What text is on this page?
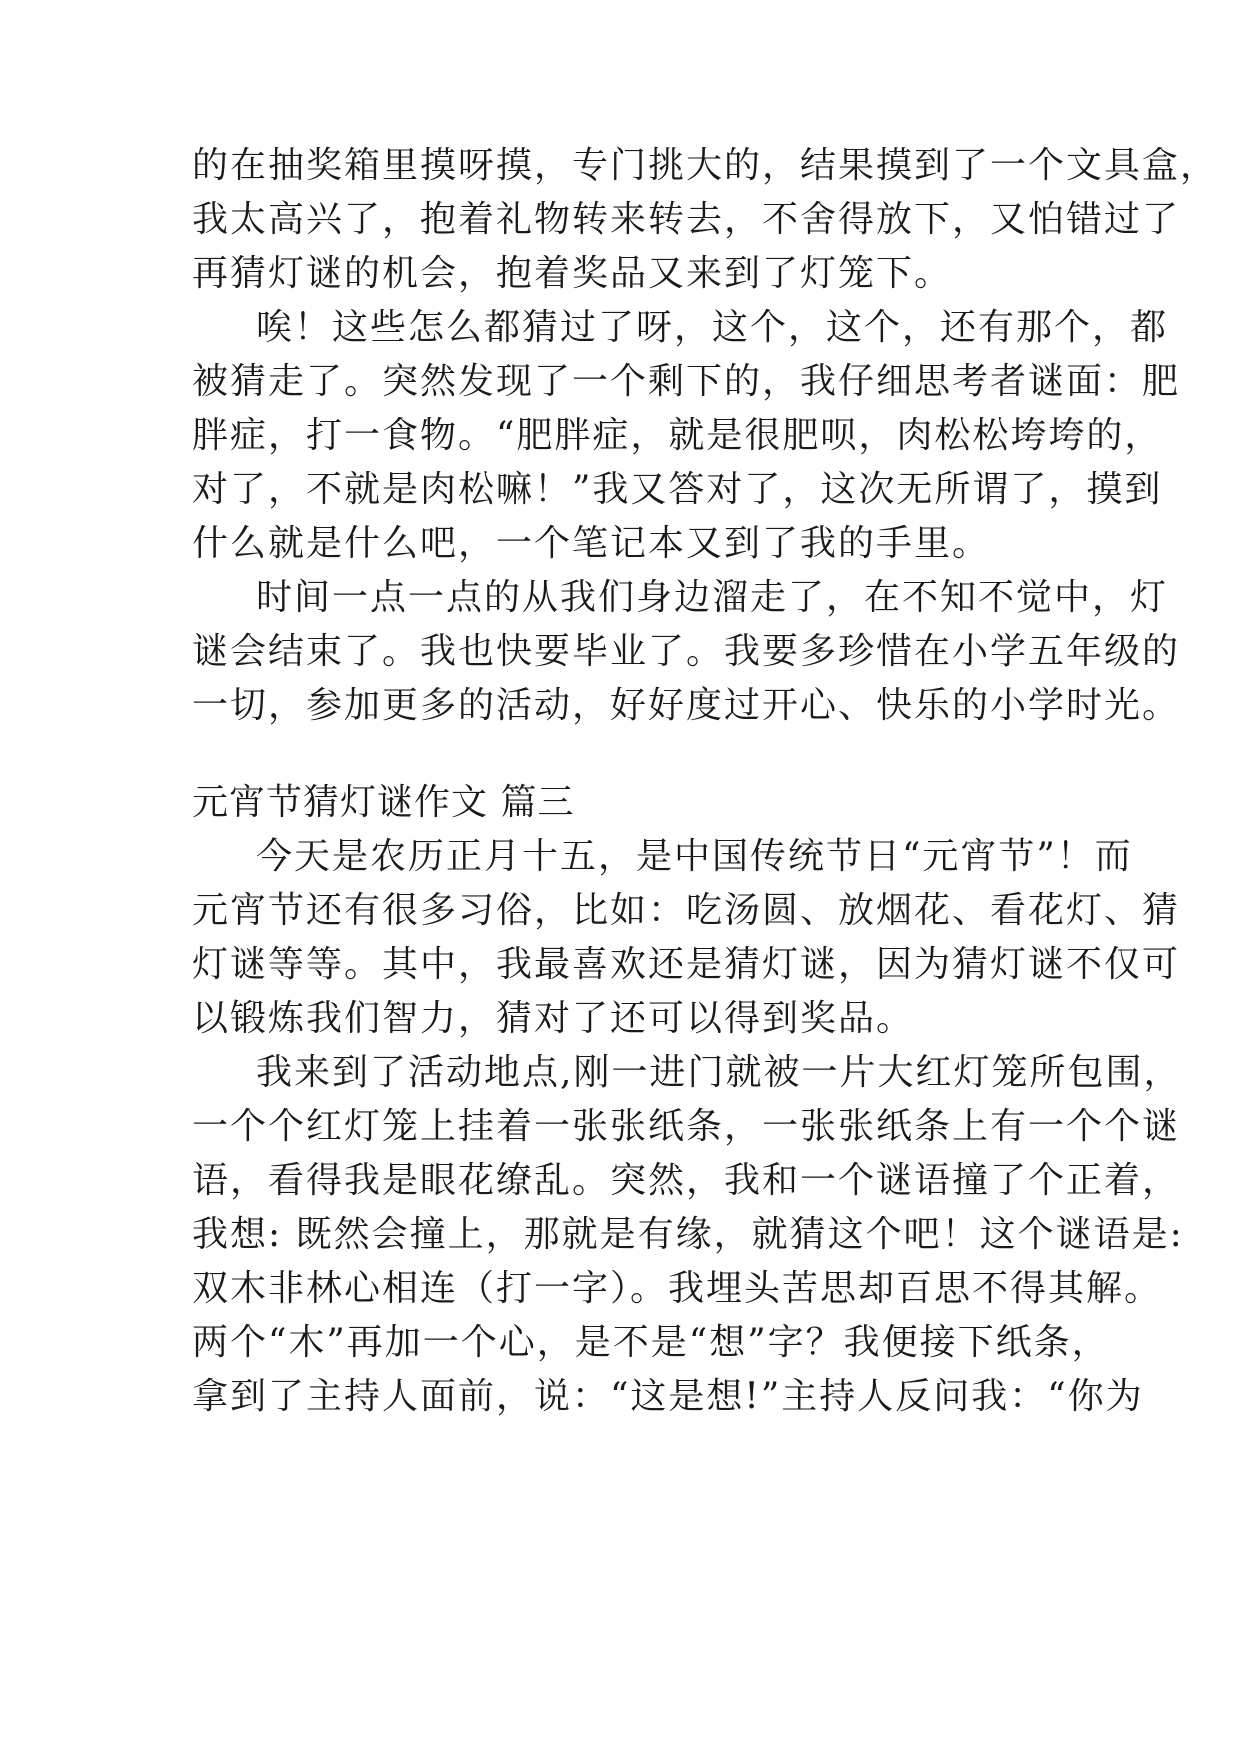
的在抽奖箱里摸呀摸，专门挑大的，结果摸到了一个文具盒，
我太高兴了，抱着礼物转来转去，不舍得放下，又怕错过了
再猜灯谜的机会，抱着奖品又来到了灯笼下。
唉！这些怎么都猜过了呀，这个，这个，还有那个，都
被猜走了。突然发现了一个剩下的，我仔细思考者谜面：肥
胖症，打一食物。“肥胖症，就是很肥呗，肉松松垮垮的，
对了，不就是肉松嘛！”我又答对了，这次无所谓了，摸到
什么就是什么吧，一个笔记本又到了我的手里。
时间一点一点的从我们身边溜走了，在不知不觉中，灯
谜会结束了。我也快要毕业了。我要多珍惜在小学五年级的
一切，参加更多的活动，好好度过开心、快乐的小学时光。
元宵节猜灯谜作文 篇三
今天是农历正月十五，是中国传统节日“元宵节”！而
元宵节还有很多习俗，比如：吃汤圆、放烟花、看花灯、猜
灯谜等等。其中，我最喜欢还是猜灯谜，因为猜灯谜不仅可
以锻炼我们智力，猜对了还可以得到奖品。
我来到了活动地点,刚一进门就被一片大红灯笼所包围，
一个个红灯笼上挂着一张张纸条，一张张纸条上有一个个谜
语，看得我是眼花缭乱。突然，我和一个谜语撞了个正着，
我想: 既然会撞上，那就是有缘，就猜这个吧！这个谜语是:
双木非林心相连（打一字）。我埋头苦思却百思不得其解。
两个“木”再加一个心，是不是“想”字？我便接下纸条，
拿到了主持人面前，说：“这是想!”主持人反问我：“你为
